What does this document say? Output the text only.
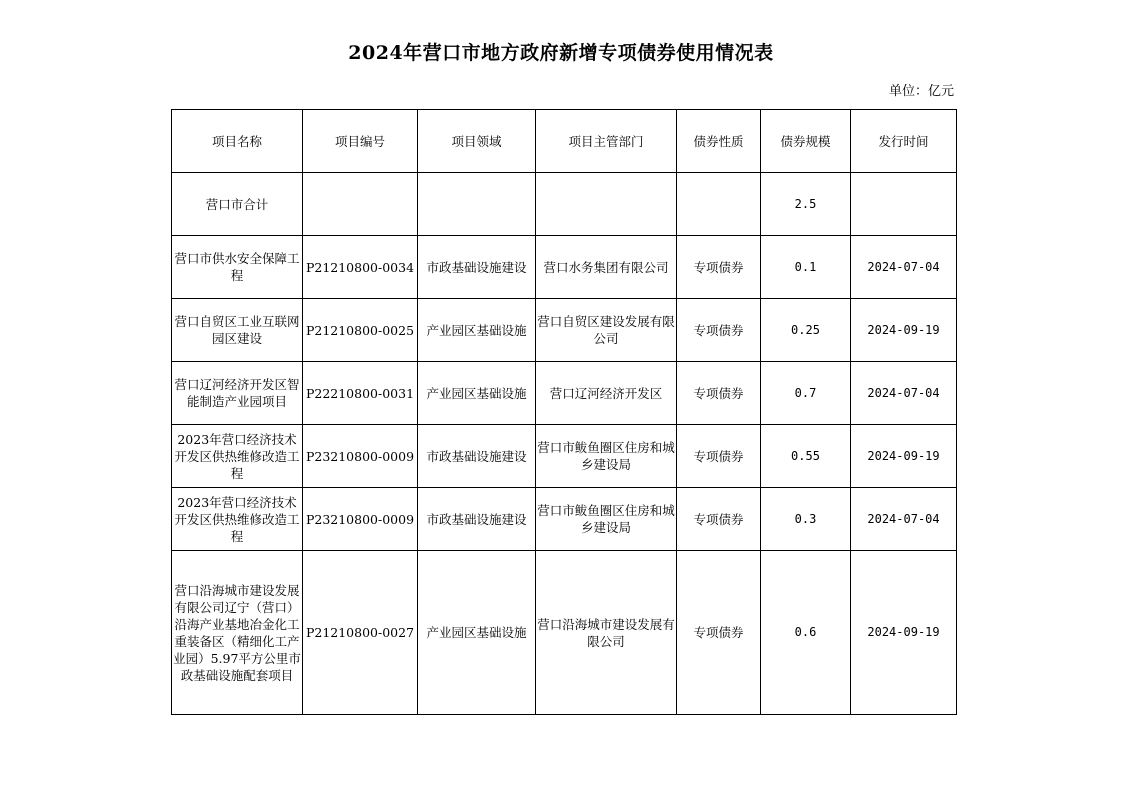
2024年营口市地方政府新增专项债券使用情况表
单位：亿元
项目名称	项目编号	项目领域	项目主管部门	债券性质	债券规模	发行时间
营口市合计					2.5	
营口市供水安全保障工程	P21210800-0034	市政基础设施建设	营口水务集团有限公司	专项债券	0.1	2024-07-04
营口自贸区工业互联网园区建设	P21210800-0025	产业园区基础设施	营口自贸区建设发展有限公司	专项债券	0.25	2024-09-19
营口辽河经济开发区智能制造产业园项目	P22210800-0031	产业园区基础设施	营口辽河经济开发区	专项债券	0.7	2024-07-04
2023年营口经济技术开发区供热维修改造工程	P23210800-0009	市政基础设施建设	营口市鲅鱼圈区住房和城乡建设局	专项债券	0.55	2024-09-19
2023年营口经济技术开发区供热维修改造工程	P23210800-0009	市政基础设施建设	营口市鲅鱼圈区住房和城乡建设局	专项债券	0.3	2024-07-04
营口沿海城市建设发展有限公司辽宁（营口）沿海产业基地冶金化工重装备区（精细化工产业园）5.97平方公里市政基础设施配套项目	P21210800-0027	产业园区基础设施	营口沿海城市建设发展有限公司	专项债券	0.6	2024-09-19
